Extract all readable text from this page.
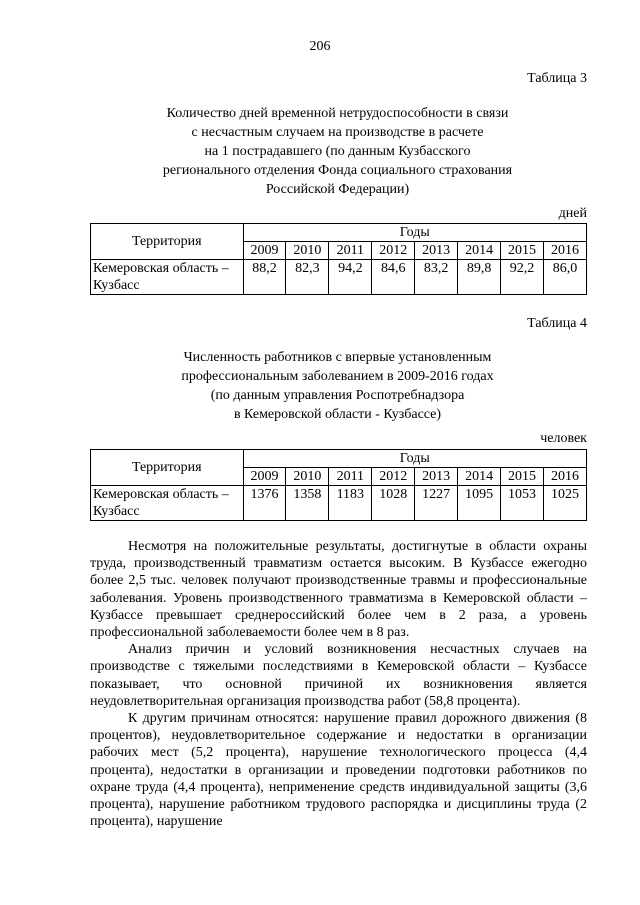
206
Таблица 3
Количество дней временной нетрудоспособности в связи
с несчастным случаем на производстве в расчете
на 1 пострадавшего (по данным Кузбасского
регионального отделения Фонда социального страхования
Российской Федерации)
дней
Территория	Годы							
	2009	2010	2011	2012	2013	2014	2015	2016
Кемеровская область – Кузбасс	88,2	82,3	94,2	84,6	83,2	89,8	92,2	86,0
Таблица 4
Численность работников с впервые установленным
профессиональным заболеванием в 2009-2016 годах
(по данным управления Роспотребнадзора
в Кемеровской области - Кузбассе)
человек
Территория	Годы							
	2009	2010	2011	2012	2013	2014	2015	2016
Кемеровская область – Кузбасс	1376	1358	1183	1028	1227	1095	1053	1025

Несмотря на положительные результаты, достигнутые в области охраны труда, производственный травматизм остается высоким. В Кузбассе ежегодно более 2,5 тыс. человек получают производственные травмы и профессиональные заболевания. Уровень производственного травматизма в Кемеровской области – Кузбассе превышает среднероссийский более чем в 2 раза, а уровень профессиональной заболеваемости более чем в 8 раз.

Анализ причин и условий возникновения несчастных случаев на производстве с тяжелыми последствиями в Кемеровской области – Кузбассе показывает, что основной причиной их возникновения является неудовлетворительная организация производства работ (58,8 процента).

К другим причинам относятся: нарушение правил дорожного движения (8 процентов), неудовлетворительное содержание и недостатки в организации рабочих мест (5,2 процента), нарушение технологического процесса (4,4 процента), недостатки в организации и проведении подготовки работников по охране труда (4,4 процента), неприменение средств индивидуальной защиты (3,6 процента), нарушение работником трудового распорядка и дисциплины труда (2 процента), нарушение
